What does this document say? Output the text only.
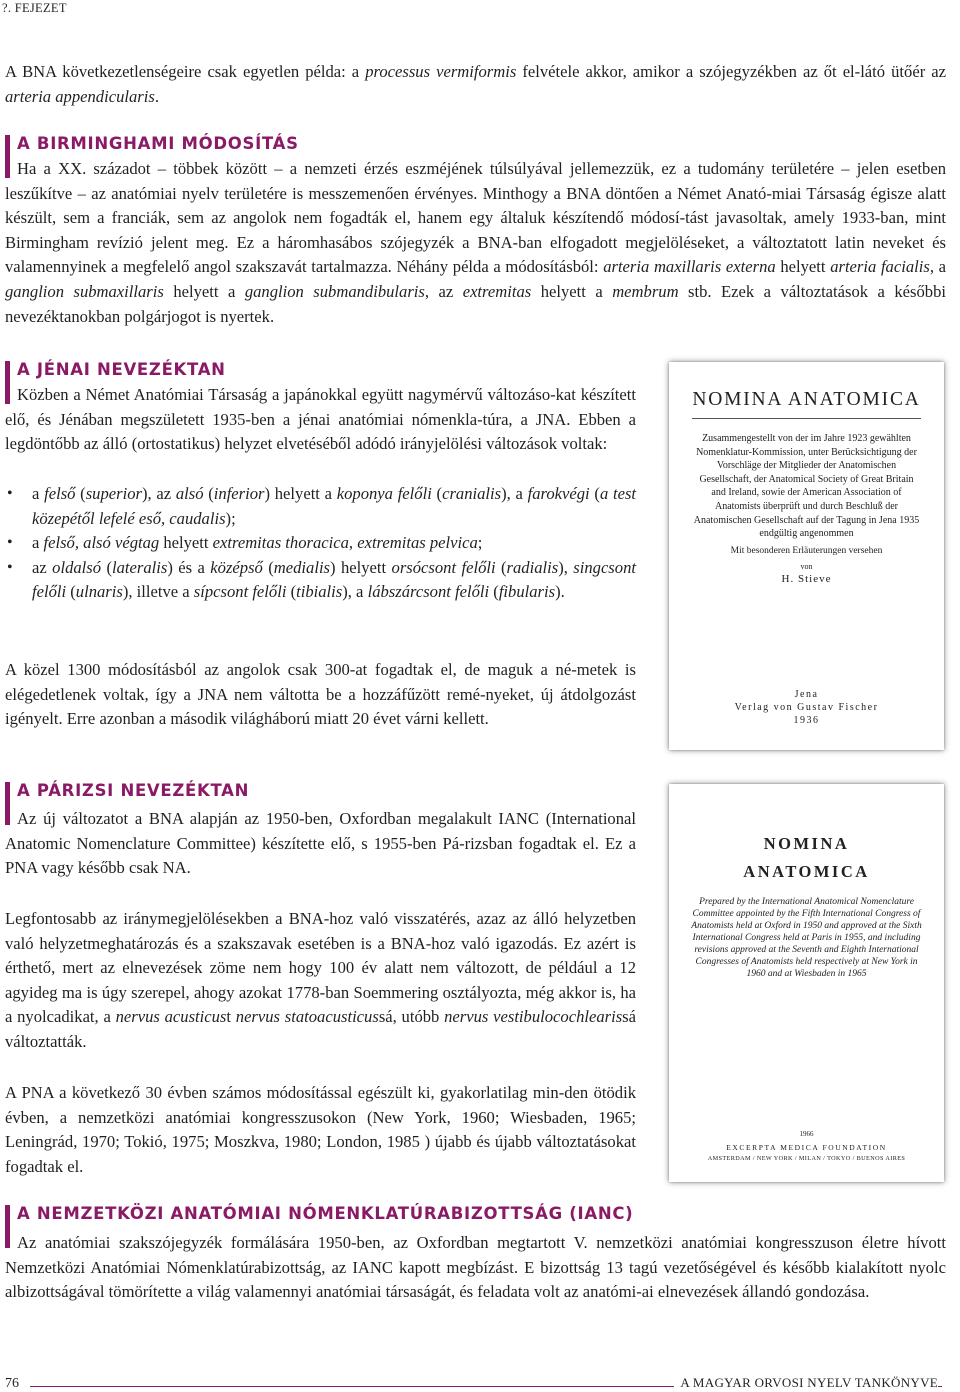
?. FEJEZET
A BNA következetlenségeire csak egyetlen példa: a processus vermiformis felvétele akkor, amikor a szójegyzékben az őt el-látó ütőér az arteria appendicularis.
A BIRMINGHAMI MÓDOSÍTÁS
Ha a XX. századot – többek között – a nemzeti érzés eszméjének túlsúlyával jellemezzük, ez a tudomány területére – jelen esetben leszűkítve – az anatómiai nyelv területére is messzemenően érvényes. Minthogy a BNA döntően a Német Anató-miai Társaság égisze alatt készült, sem a franciák, sem az angolok nem fogadták el, hanem egy általuk készítendő módosí-tást javasoltak, amely 1933-ban, mint Birmingham revízió jelent meg. Ez a háromhasábos szójegyzék a BNA-ban elfogadott megjelöléseket, a változtatott latin neveket és valamennyinek a megfelelő angol szakszavát tartalmazza. Néhány példa a módosításból: arteria maxillaris externa helyett arteria facialis, a ganglion submaxillaris helyett a ganglion submandibularis, az extremitas helyett a membrum stb. Ezek a változtatások a későbbi nevezéktanokban polgárjogot is nyertek.
A JÉNAI NEVEZÉKTAN
Közben a Német Anatómiai Társaság a japánokkal együtt nagymérvű változáso-kat készített elő, és Jénában megszületett 1935-ben a jénai anatómiai nómenkla-túra, a JNA. Ebben a legdöntőbb az álló (ortostatikus) helyzet elvetéséből adódó irányjelölési változások voltak:
• a felső (superior), az alsó (inferior) helyett a koponya felőli (cranialis), a farokvégi (a test közepétől lefelé eső, caudalis);
• a felső, alsó végtag helyett extremitas thoracica, extremitas pelvica;
• az oldalsó (lateralis) és a középső (medialis) helyett orsócsont felőli (radialis), singcsont felőli (ulnaris), illetve a sípcsont felőli (tibialis), a lábszárcsont felőli (fibularis).
A közel 1300 módosításból az angolok csak 300-at fogadtak el, de maguk a né-metek is elégedetlenek voltak, így a JNA nem váltotta be a hozzáfűzött remé-nyeket, új átdolgozást igényelt. Erre azonban a második világháború miatt 20 évet várni kellett.
A PÁRIZSI NEVEZÉKTAN
Az új változatot a BNA alapján az 1950-ben, Oxfordban megalakult IANC (International Anatomic Nomenclature Committee) készítette elő, s 1955-ben Pá-rizsban fogadtak el. Ez a PNA vagy később csak NA.
Legfontosabb az iránymegjelölésekben a BNA-hoz való visszatérés, azaz az álló helyzetben való helyzetmeghatározás és a szakszavak esetében is a BNA-hoz való igazodás. Ez azért is érthető, mert az elnevezések zöme nem hogy 100 év alatt nem változott, de például a 12 agyideg ma is úgy szerepel, ahogy azokat 1778-ban Soemmering osztályozta, még akkor is, ha a nyolcadikat, a nervus acusticust nervus statoacusticussá, utóbb nervus vestibulocochlearissá változtatták.
A PNA a következő 30 évben számos módosítással egészült ki, gyakorlatilag min-den ötödik évben, a nemzetközi anatómiai kongresszusokon (New York, 1960; Wiesbaden, 1965; Leningrád, 1970; Tokió, 1975; Moszkva, 1980; London, 1985 ) újabb és újabb változtatásokat fogadtak el.
A NEMZETKÖZI ANATÓMIAI NÓMENKLATÚRABIZOTTSÁG (IANC)
Az anatómiai szakszójegyzék formálására 1950-ben, az Oxfordban megtartott V. nemzetközi anatómiai kongresszuson életre hívott Nemzetközi Anatómiai Nómenklatúrabizottság, az IANC kapott megbízást. E bizottság 13 tagú vezetőségével és később kialakított nyolc albizottságával tömörítette a világ valamennyi anatómiai társaságát, és feladata volt az anatómi-ai elnevezések állandó gondozása.
NOMINA ANATOMICA
Zusammengestellt von der im Jahre 1923 gewählten Nomenklatur-Kommission, unter Berücksichtigung der Vorschläge der Mitglieder der Anatomischen Gesellschaft, der Anatomical Society of Great Britain and Ireland, sowie der American Association of Anatomists überprüft und durch Beschluß der Anatomischen Gesellschaft auf der Tagung in Jena 1935 endgültig angenommen
Mit besonderen Erläuterungen versehen
von
H. Stieve
Jena
Verlag von Gustav Fischer
1936
NOMINA
ANATOMICA
Prepared by the International Anatomical Nomenclature Committee appointed by the Fifth International Congress of Anatomists held at Oxford in 1950 and approved at the Sixth International Congress held at Paris in 1955, and including revisions approved at the Seventh and Eighth International Congresses of Anatomists held respectively at New York in 1960 and at Wiesbaden in 1965
1966
EXCERPTA MEDICA FOUNDATION
AMSTERDAM / NEW YORK / MILAN / TOKYO / BUENOS AIRES
76	A MAGYAR ORVOSI NYELV TANKÖNYVE
